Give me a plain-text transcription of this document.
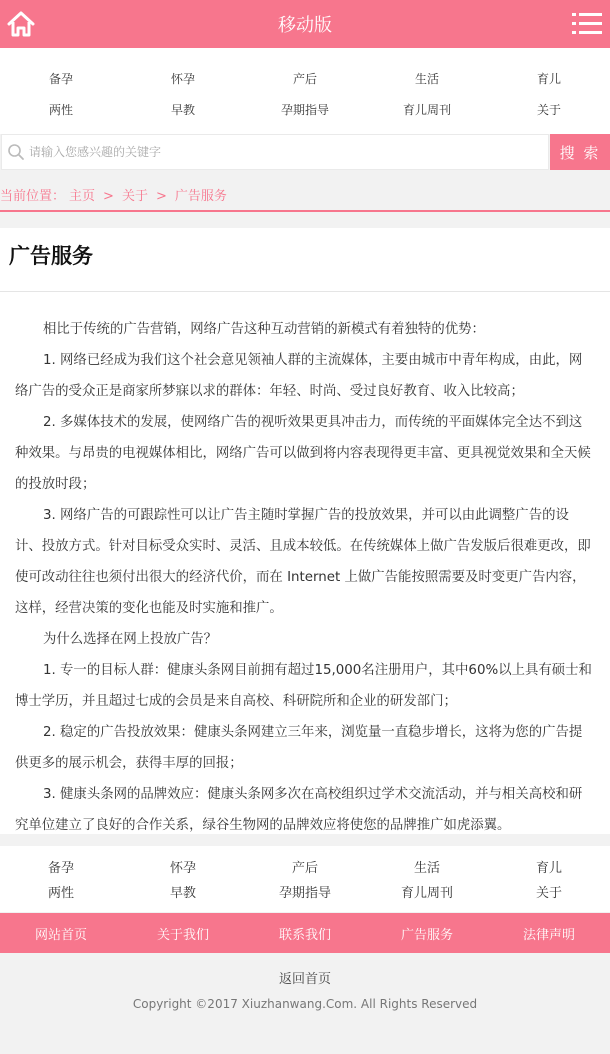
移动版
备孕	怀孕	产后	生活	育儿
两性	早教	孕期指导	育儿周刊	关于
请输入您感兴趣的关键字
搜 索
当前位置： 主页 > 关于 > 广告服务
广告服务

相比于传统的广告营销，网络广告这种互动营销的新模式有着独特的优势：

1. 网络已经成为我们这个社会意见领袖人群的主流媒体，主要由城市中青年构成，由此，网络广告的受众正是商家所梦寐以求的群体：年轻、时尚、受过良好教育、收入比较高；

2. 多媒体技术的发展，使网络广告的视听效果更具冲击力，而传统的平面媒体完全达不到这种效果。与昂贵的电视媒体相比，网络广告可以做到将内容表现得更丰富、更具视觉效果和全天候的投放时段；

3. 网络广告的可跟踪性可以让广告主随时掌握广告的投放效果，并可以由此调整广告的设计、投放方式。针对目标受众实时、灵活、且成本较低。在传统媒体上做广告发版后很难更改，即使可改动往往也须付出很大的经济代价，而在 Internet 上做广告能按照需要及时变更广告内容，这样，经营决策的变化也能及时实施和推广。

为什么选择在网上投放广告？

1. 专一的目标人群：健康头条网目前拥有超过15,000名注册用户，其中60%以上具有硕士和博士学历，并且超过七成的会员是来自高校、科研院所和企业的研发部门；

2. 稳定的广告投放效果：健康头条网建立三年来，浏览量一直稳步增长，这将为您的广告提供更多的展示机会，获得丰厚的回报；

3. 健康头条网的品牌效应：健康头条网多次在高校组织过学术交流活动，并与相关高校和研究单位建立了良好的合作关系，绿谷生物网的品牌效应将使您的品牌推广如虎添翼。

备孕	怀孕	产后	生活	育儿
两性	早教	孕期指导	育儿周刊	关于
网站首页	关于我们	联系我们	广告服务	法律声明
返回首页
Copyright ©2017 Xiuzhanwang.Com. All Rights Reserved
